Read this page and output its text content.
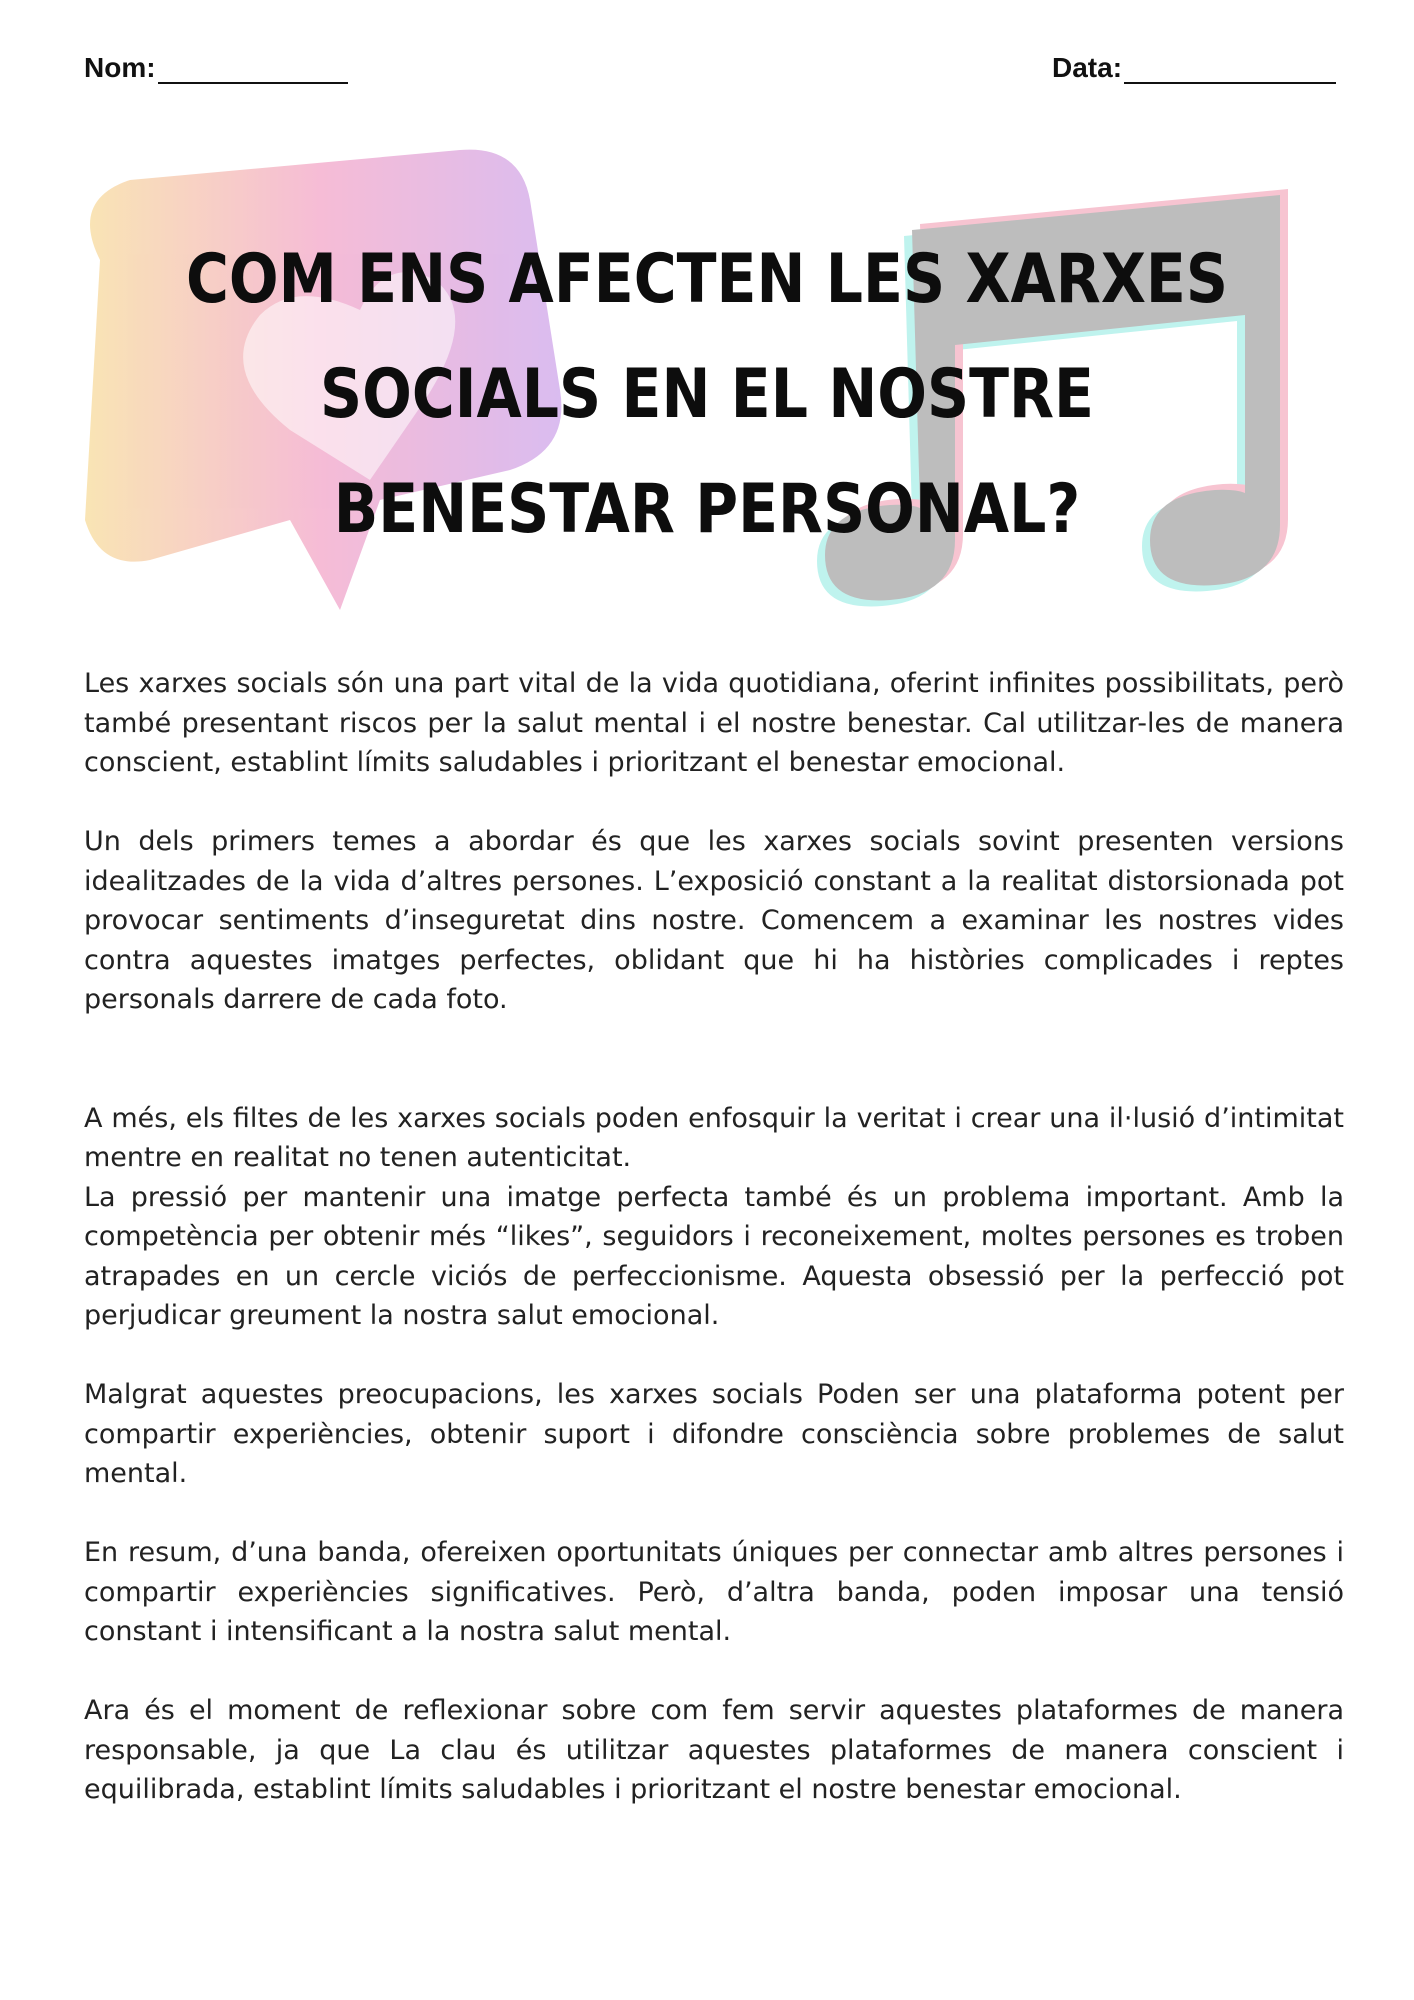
Nom:	Data:
COM ENS AFECTEN LES XARXES SOCIALS EN EL NOSTRE BENESTAR PERSONAL?

Les xarxes socials són una part vital de la vida quotidiana, oferint infinites possibilitats, però també presentant riscos per la salut mental i el nostre benestar. Cal utilitzar-les de manera conscient, establint límits saludables i prioritzant el benestar emocional.

Un dels primers temes a abordar és que les xarxes socials sovint presenten versions idealitzades de la vida d’altres persones. L’exposició constant a la realitat distorsionada pot provocar sentiments d’inseguretat dins nostre. Comencem a examinar les nostres vides contra aquestes imatges perfectes, oblidant que hi ha històries complicades i reptes personals darrere de cada foto.

A més, els filtes de les xarxes socials poden enfosquir la veritat i crear una il·lusió d’intimitat mentre en realitat no tenen autenticitat.

La pressió per mantenir una imatge perfecta també és un problema important. Amb la competència per obtenir més “likes”, seguidors i reconeixement, moltes persones es troben atrapades en un cercle viciós de perfeccionisme. Aquesta obsessió per la perfecció pot perjudicar greument la nostra salut emocional.

Malgrat aquestes preocupacions, les xarxes socials Poden ser una plataforma potent per compartir experiències, obtenir suport i difondre consciència sobre problemes de salut mental.

En resum, d’una banda, ofereixen oportunitats úniques per connectar amb altres persones i compartir experiències significatives. Però, d’altra banda, poden imposar una tensió constant i intensificant a la nostra salut mental.

Ara és el moment de reflexionar sobre com fem servir aquestes plataformes de manera responsable, ja que La clau és utilitzar aquestes plataformes de manera conscient i equilibrada, establint límits saludables i prioritzant el nostre benestar emocional.
